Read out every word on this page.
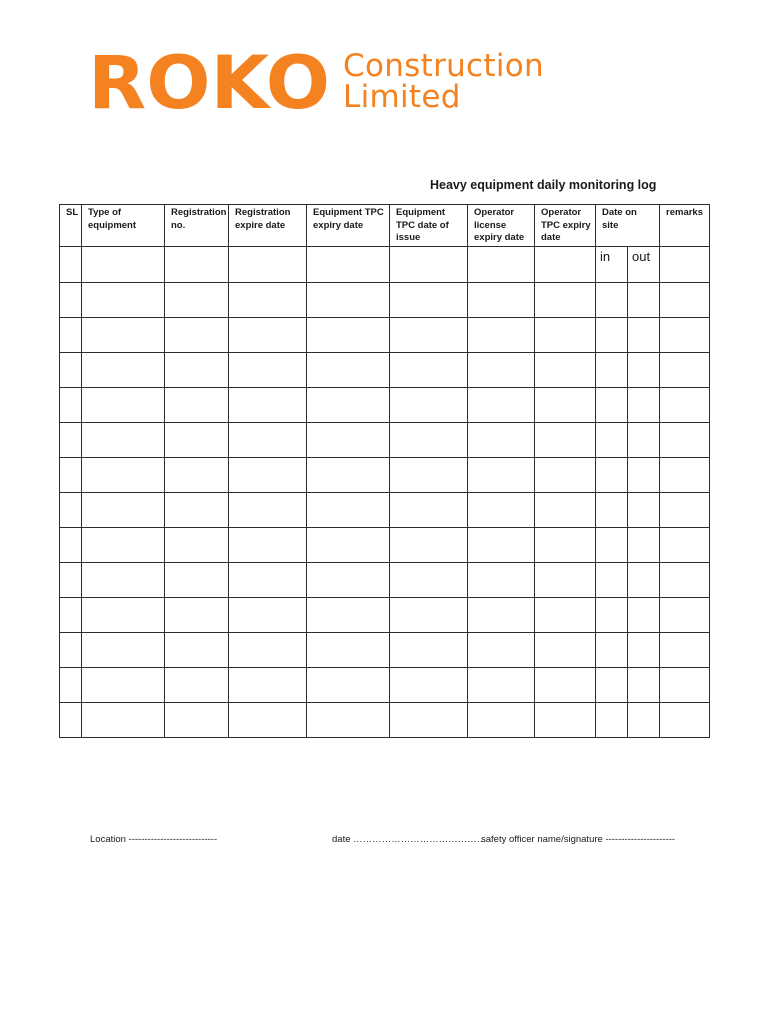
ROKO Construction
Limited
Heavy equipment daily monitoring log
SL	Type of equipment	Registration no.	Registration expire date	Equipment TPC expiry date	Equipment TPC date of issue	Operator license expiry date	Operator TPC expiry date	Date on site		remarks
								in	out	

Location ----------------------------	date ……………………………………
safety officer name/signature ----------------------
